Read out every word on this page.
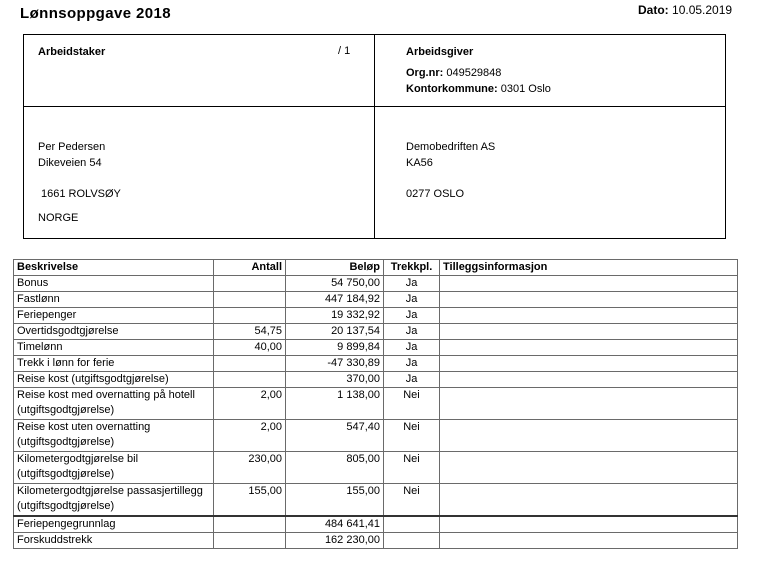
Lønnsoppgave 2018	Dato: 10.05.2019
Arbeidstaker	/ 1
Per Pedersen
Dikeveien 54
1661 ROLVSØY
NORGE
Arbeidsgiver
Org.nr: 049529848
Kontorkommune: 0301 Oslo
Demobedriften AS
KA56
0277 OSLO
Beskrivelse	Antall	Beløp	Trekkpl.	Tilleggsinformasjon
Bonus		54 750,00	Ja	
Fastlønn		447 184,92	Ja	
Feriepenger		19 332,92	Ja	
Overtidsgodtgjørelse	54,75	20 137,54	Ja	
Timelønn	40,00	9 899,84	Ja	
Trekk i lønn for ferie		-47 330,89	Ja	
Reise kost (utgiftsgodtgjørelse)		370,00	Ja	
Reise kost med overnatting på hotell (utgiftsgodtgjørelse)	2,00	1 138,00	Nei	
Reise kost uten overnatting (utgiftsgodtgjørelse)	2,00	547,40	Nei	
Kilometergodtgjørelse bil (utgiftsgodtgjørelse)	230,00	805,00	Nei	
Kilometergodtgjørelse passasjertillegg (utgiftsgodtgjørelse)	155,00	155,00	Nei	
Feriepengegrunnlag		484 641,41		
Forskuddstrekk		162 230,00		
